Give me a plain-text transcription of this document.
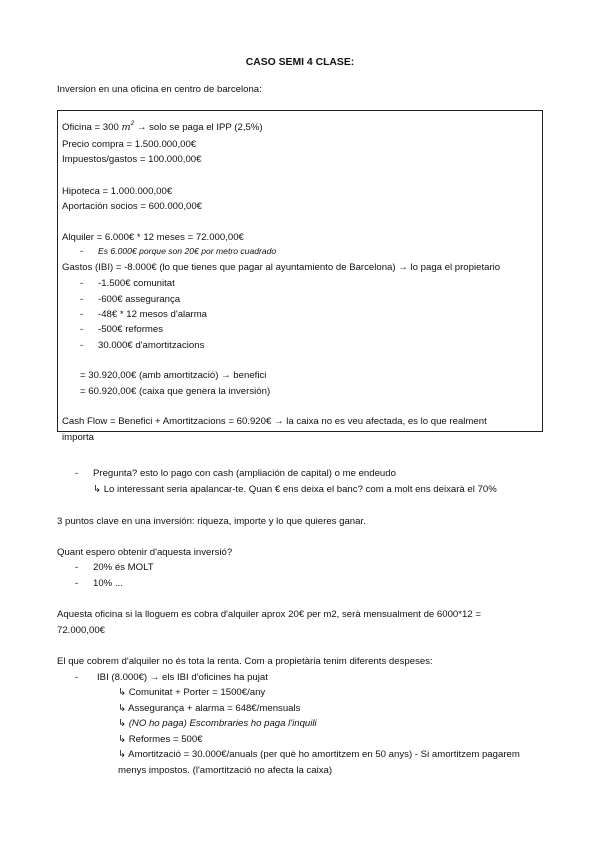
CASO SEMI 4 CLASE:
Inversion en una oficina en centro de barcelona:
Oficina = 300 $m^2$ → solo se paga el IPP (2,5%)
Precio compra = 1.500.000,00€
Impuestos/gastos = 100.000,00€
Hipoteca = 1.000.000,00€
Aportación socios = 600.000,00€
Alquiler = 6.000€ * 12 meses = 72.000,00€
- Es 6.000€ porque son 20€ por metro cuadrado
Gastos (IBI) = -8.000€ (lo que tienes que pagar al ayuntamiento de Barcelona) → lo paga el propietario
- -1.500€ comunitat
- -600€ assegurança
- -48€ * 12 mesos d'alarma
- -500€ reformes
- 30.000€ d'amortitzacions
= 30.920,00€ (amb amortització) → benefici
= 60.920,00€ (caixa que genera la inversión)
Cash Flow = Benefici + Amortitzacions = 60.920€ → la caixa no es veu afectada, es lo que realment
importa
- Pregunta? esto lo pago con cash (ampliación de capital) o me endeudo
↳ Lo interessant seria apalancar-te. Quan € ens deixa el banc? com a molt ens deixarà el 70%
3 puntos clave en una inversión: riqueza, importe y lo que quieres ganar.
Quant espero obtenir d'aquesta inversió?
- 20% és MOLT
- 10% ...
Aquesta oficina si la lloguem es cobra d'alquiler aprox 20€ per m2, serà mensualment de 6000*12 =
72.000,00€
El que cobrem d'alquiler no és tota la renta. Com a propietària tenim diferents despeses:
- IBI (8.000€) → els IBI d'oficines ha pujat
↳ Comunitat + Porter = 1500€/any
↳ Assegurança + alarma = 648€/mensuals
↳ (NO ho paga) Escombraries ho paga l'inquili
↳ Reformes = 500€
↳ Amortització = 30.000€/anuals (per què ho amortitzem en 50 anys) - Si amortitzem pagarem
menys impostos. (l'amortització no afecta la caixa)
